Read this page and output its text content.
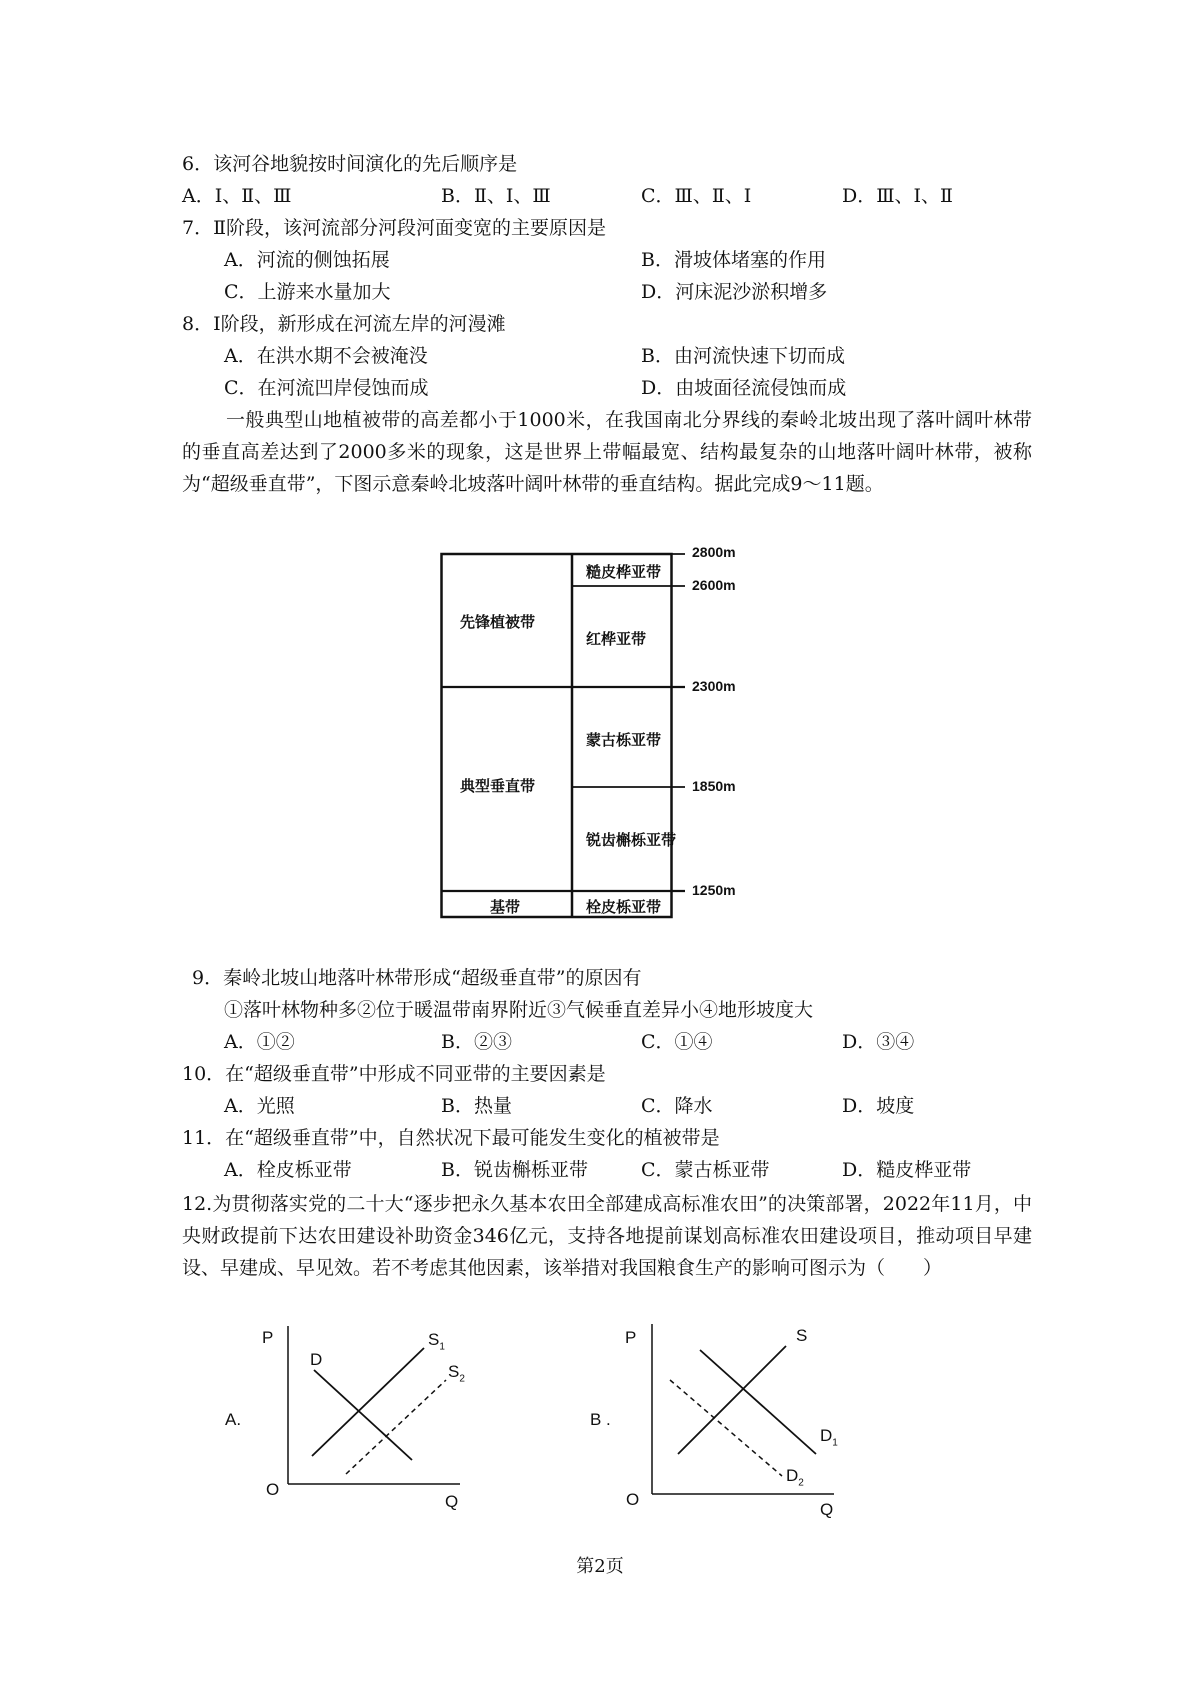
6．该河谷地貌按时间演化的先后顺序是
A．Ⅰ、Ⅱ、Ⅲ	B．Ⅱ、Ⅰ、Ⅲ	C．Ⅲ、Ⅱ、Ⅰ	D．Ⅲ、Ⅰ、Ⅱ
7．Ⅱ阶段，该河流部分河段河面变宽的主要原因是
A．河流的侧蚀拓展	B．滑坡体堵塞的作用
C．上游来水量加大	D．河床泥沙淤积增多
8．Ⅰ阶段，新形成在河流左岸的河漫滩
A．在洪水期不会被淹没	B．由河流快速下切而成
C．在河流凹岸侵蚀而成	D．由坡面径流侵蚀而成
一般典型山地植被带的高差都小于1000米，在我国南北分界线的秦岭北坡出现了落叶阔叶林带的垂直高差达到了2000多米的现象，这是世界上带幅最宽、结构最复杂的山地落叶阔叶林带，被称为“超级垂直带”，下图示意秦岭北坡落叶阔叶林带的垂直结构。据此完成9～11题。
先锋植被带
典型垂直带
基带
糙皮桦亚带
红桦亚带
蒙古栎亚带
锐齿槲栎亚带
栓皮栎亚带
2800m
2600m
2300m
1850m
1250m
9．秦岭北坡山地落叶林带形成“超级垂直带”的原因有
①落叶林物种多②位于暖温带南界附近③气候垂直差异小④地形坡度大
A．①②	B．②③	C．①④	D．③④
10．在“超级垂直带”中形成不同亚带的主要因素是
A．光照	B．热量	C．降水	D．坡度
11．在“超级垂直带”中，自然状况下最可能发生变化的植被带是
A．栓皮栎亚带	B．锐齿槲栎亚带	C．蒙古栎亚带	D．糙皮桦亚带
12.为贯彻落实党的二十大“逐步把永久基本农田全部建成高标准农田”的决策部署，2022年11月，中央财政提前下达农田建设补助资金346亿元，支持各地提前谋划高标准农田建设项目，推动项目早建设、早建成、早见效。若不考虑其他因素，该举措对我国粮食生产的影响可图示为（　　）
A.
P
O
Q
D
$S_1$
$S_2$
B .
P
O
Q
S
$D_1$
$D_2$
第2页
